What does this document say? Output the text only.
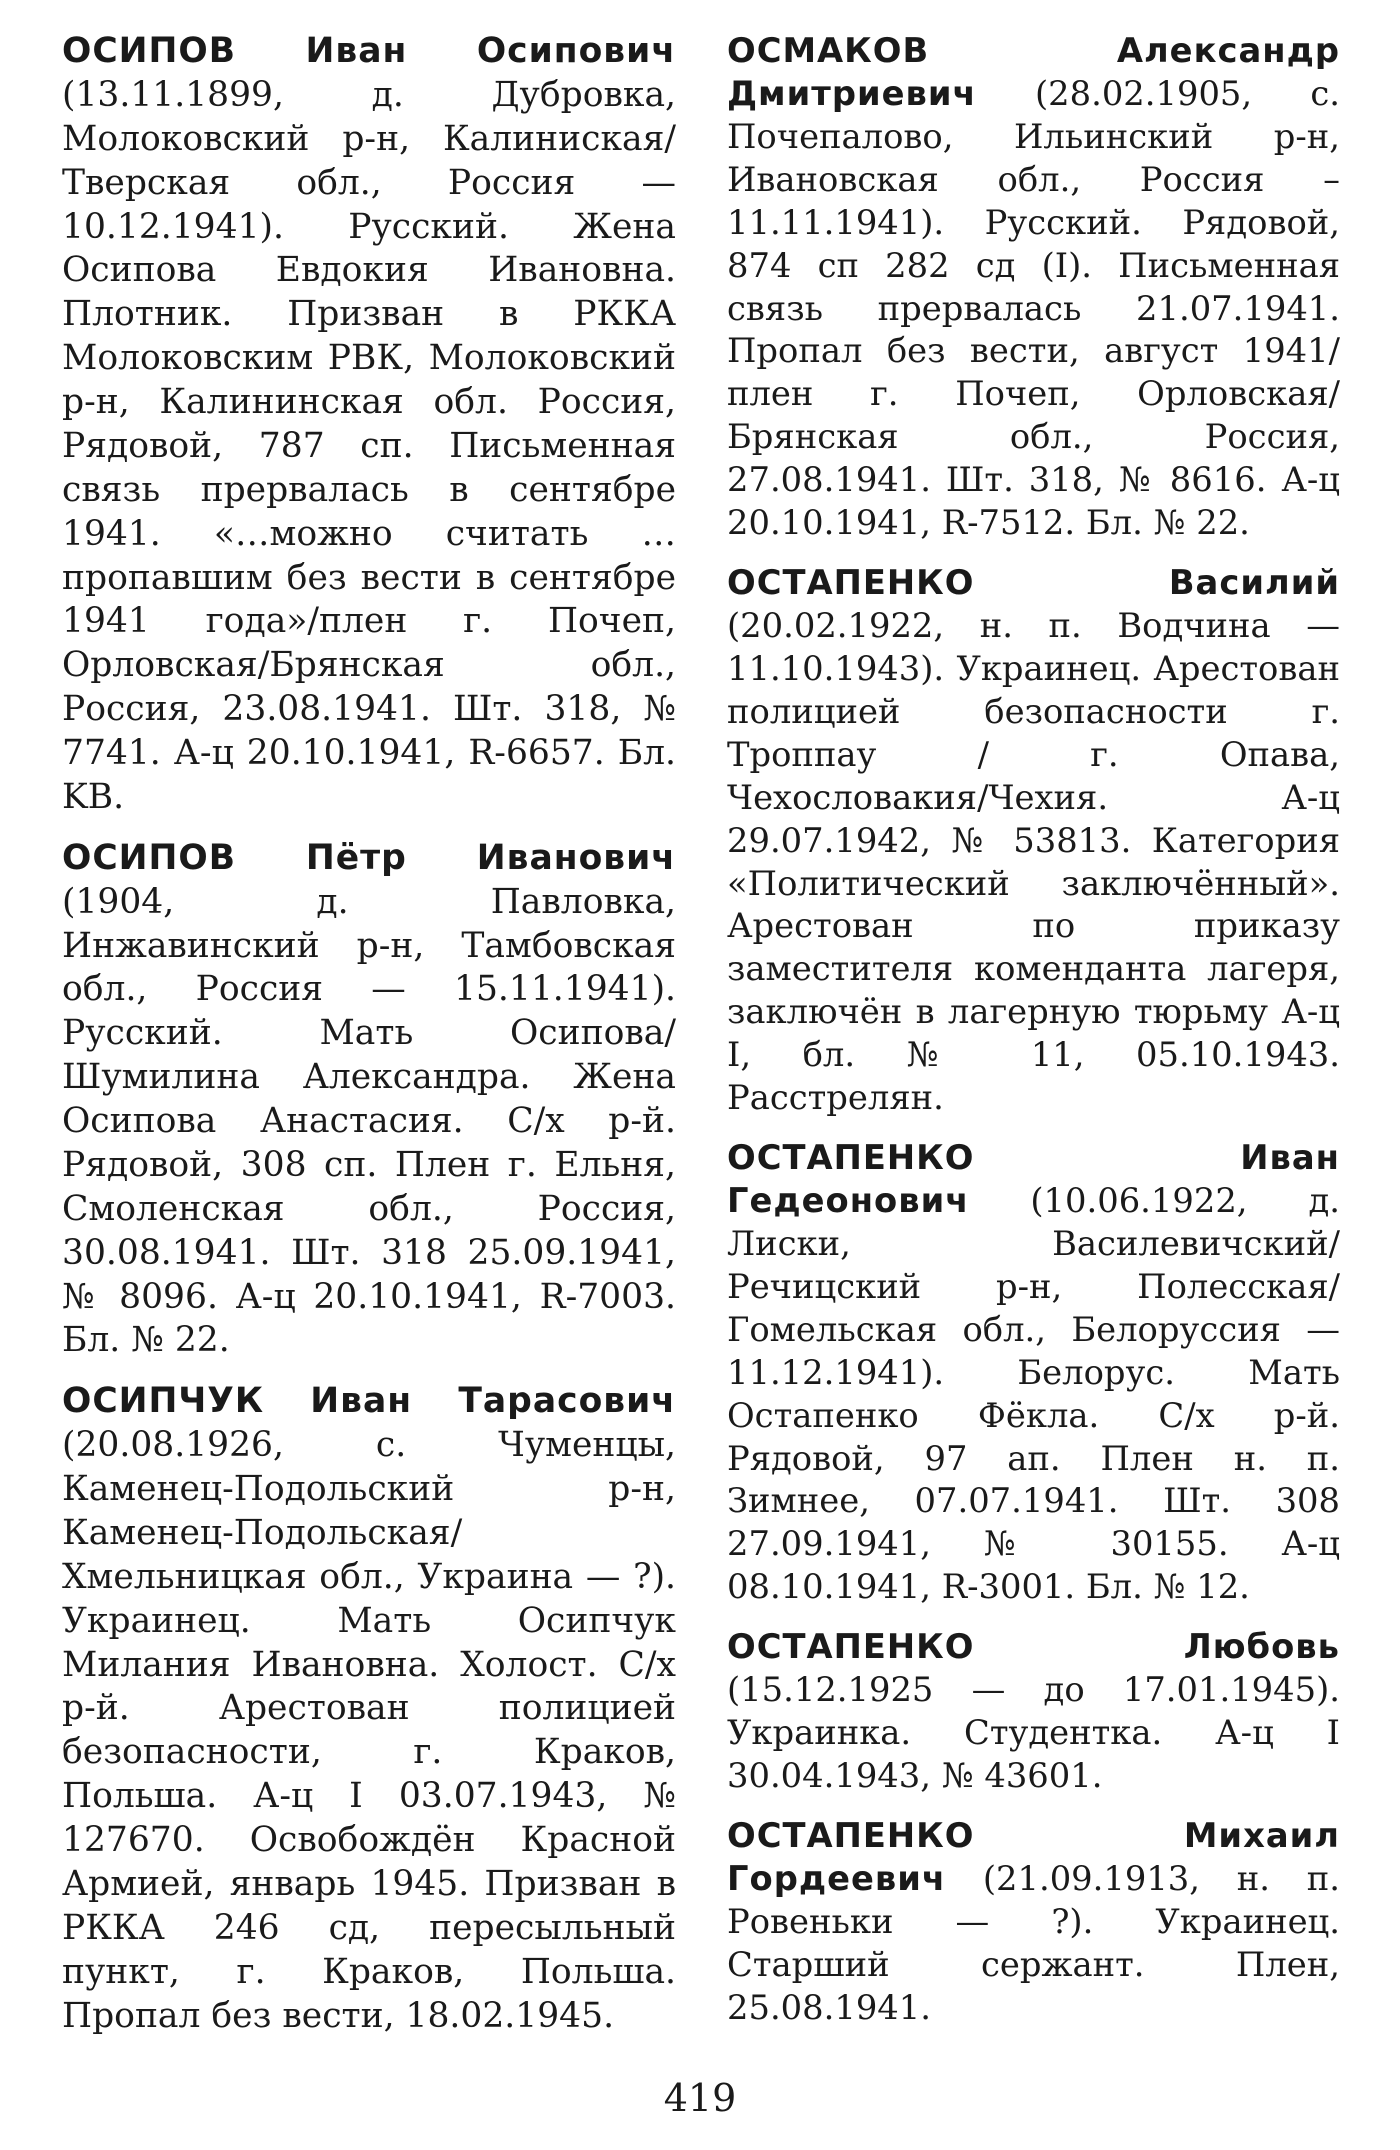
ОСИПОВ Иван Осипович (13.11.1899, д. Дубровка, Молоковский р-н, Калиниская/Тверская обл., Россия — 10.12.1941). Русский. Жена Осипова Евдокия Ивановна. Плотник. Призван в РККА Молоковским РВК, Молоковский р-н, Калининская обл. Россия, Рядовой, 787 сп. Письменная связь прервалась в сентябре 1941. «…можно считать …пропавшим без вести в сентябре 1941 года»/плен г. Почеп, Орловская/Брянская обл., Россия, 23.08.1941. Шт. 318, № 7741. А-ц 20.10.1941, R-6657. Бл. KB.

ОСИПОВ Пётр Иванович (1904, д. Павловка, Инжавинский р-н, Тамбовская обл., Россия — 15.11.1941). Русский. Мать Осипова/Шумилина Александра. Жена Осипова Анастасия. С/х р-й. Рядовой, 308 сп. Плен г. Ельня, Смоленская обл., Россия, 30.08.1941. Шт. 318 25.09.1941, № 8096. А-ц 20.10.1941, R-7003. Бл. № 22.

ОСИПЧУК Иван Тарасович (20.08.1926, с. Чуменцы, Каменец-Подольский р-н, Каменец-Подольская/Хмельницкая обл., Украина — ?). Украинец. Мать Осипчук Милания Ивановна. Холост. С/х р-й. Арестован полицией безопасности, г. Краков, Польша. А-ц I 03.07.1943, № 127670. Освобождён Красной Армией, январь 1945. Призван в РККА 246 сд, пересыльный пункт, г. Краков, Польша. Пропал без вести, 18.02.1945.

ОСМАКОВ Александр Дмитриевич (28.02.1905, с. Почепалово, Ильинский р-н, Ивановская обл., Россия – 11.11.1941). Русский. Рядовой, 874 сп 282 сд (I). Письменная связь прервалась 21.07.1941. Пропал без вести, август 1941/плен г. Почеп, Орловская/Брянская обл., Россия, 27.08.1941. Шт. 318, № 8616. А-ц 20.10.1941, R-7512. Бл. № 22.

ОСТАПЕНКО Василий (20.02.1922, н. п. Водчина — 11.10.1943). Украинец. Арестован полицией безопасности г. Троппау / г. Опава, Чехословакия/Чехия. А-ц 29.07.1942, № 53813. Категория «Политический заключённый». Арестован по приказу заместителя коменданта лагеря, заключён в лагерную тюрьму А-ц I, бл. № 11, 05.10.1943. Расстрелян.

ОСТАПЕНКО Иван Гедеонович (10.06.1922, д. Лиски, Василевичский/Речицский р-н, Полесская/Гомельская обл., Белоруссия — 11.12.1941). Белорус. Мать Остапенко Фёкла. С/х р-й. Рядовой, 97 ап. Плен н. п. Зимнее, 07.07.1941. Шт. 308 27.09.1941, № 30155. А-ц 08.10.1941, R-3001. Бл. № 12.

ОСТАПЕНКО Любовь (15.12.1925 — до 17.01.1945). Украинка. Студентка. А-ц I 30.04.1943, № 43601.

ОСТАПЕНКО Михаил Гордеевич (21.09.1913, н. п. Ровеньки — ?). Украинец. Старший сержант. Плен, 25.08.1941.

419
